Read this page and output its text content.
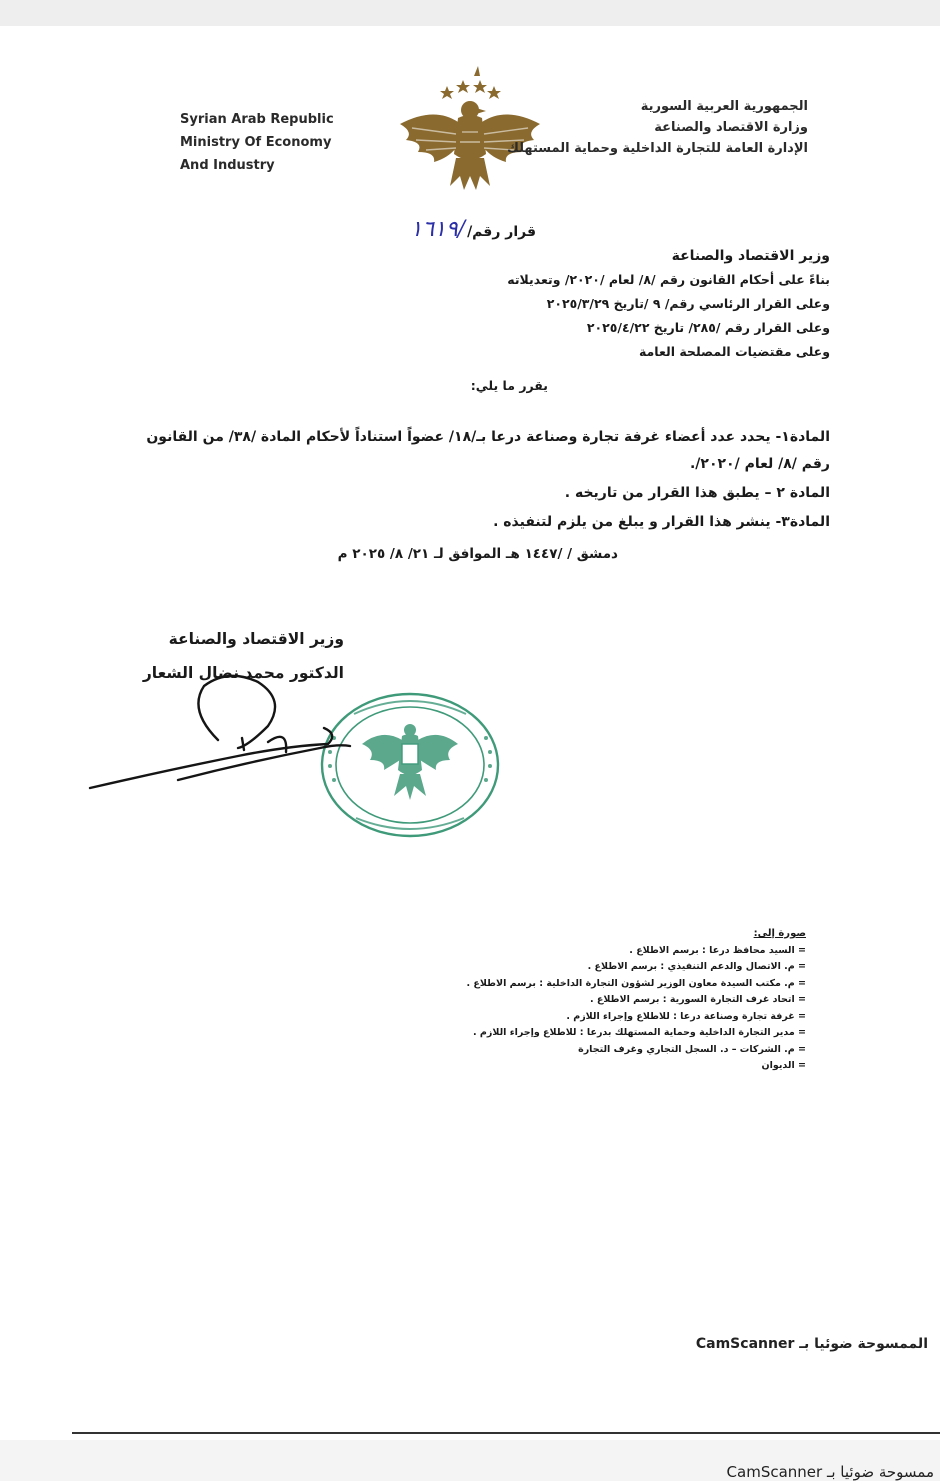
Syrian Arab Republic
Ministry Of Economy
And Industry
الجمهورية العربية السورية
وزارة الاقتصاد والصناعة
الإدارة العامة للتجارة الداخلية وحماية المستهلك
قرار رقم//١٦١٩
وزير الاقتصاد والصناعة
بناءً على أحكام القانون رقم /٨/ لعام /٢٠٢٠/ وتعديلاته
وعلى القرار الرئاسي رقم/ ٩ /تاريخ ٢٠٢٥/٣/٢٩
وعلى القرار رقم /٢٨٥/ تاريخ ٢٠٢٥/٤/٢٢
وعلى مقتضيات المصلحة العامة
يقرر ما يلي:

المادة١- يحدد عدد أعضاء غرفة تجارة وصناعة درعا بـ/١٨/ عضواً استناداً لأحكام المادة /٣٨/ من القانون رقم /٨/ لعام /٢٠٢٠/.

المادة ٢ – يطبق هذا القرار من تاريخه .

المادة٣- ينشر هذا القرار و يبلغ من يلزم لتنفيذه .

دمشق / /١٤٤٧ هـ الموافق لـ ٢١/ ٨/ ٢٠٢٥ م
وزير الاقتصاد والصناعة
الدكتور محمد نضال الشعار
صورة إلى:
= السيد محافظ درعا : برسم الاطلاع .
= م. الاتصال والدعم التنفيذي : برسم الاطلاع .
= م. مكتب السيدة معاون الوزير لشؤون التجارة الداخلية : برسم الاطلاع .
= اتحاد غرف التجارة السورية : برسم الاطلاع .
= غرفة تجارة وصناعة درعا : للاطلاع وإجراء اللازم .
= مدير التجارة الداخلية وحماية المستهلك بدرعا : للاطلاع وإجراء اللازم .
= م. الشركات – د. السجل التجاري وغرف التجارة
= الديوان
الممسوحة ضوئيا بـ CamScanner
ممسوحة ضوئيا بـ CamScanner
